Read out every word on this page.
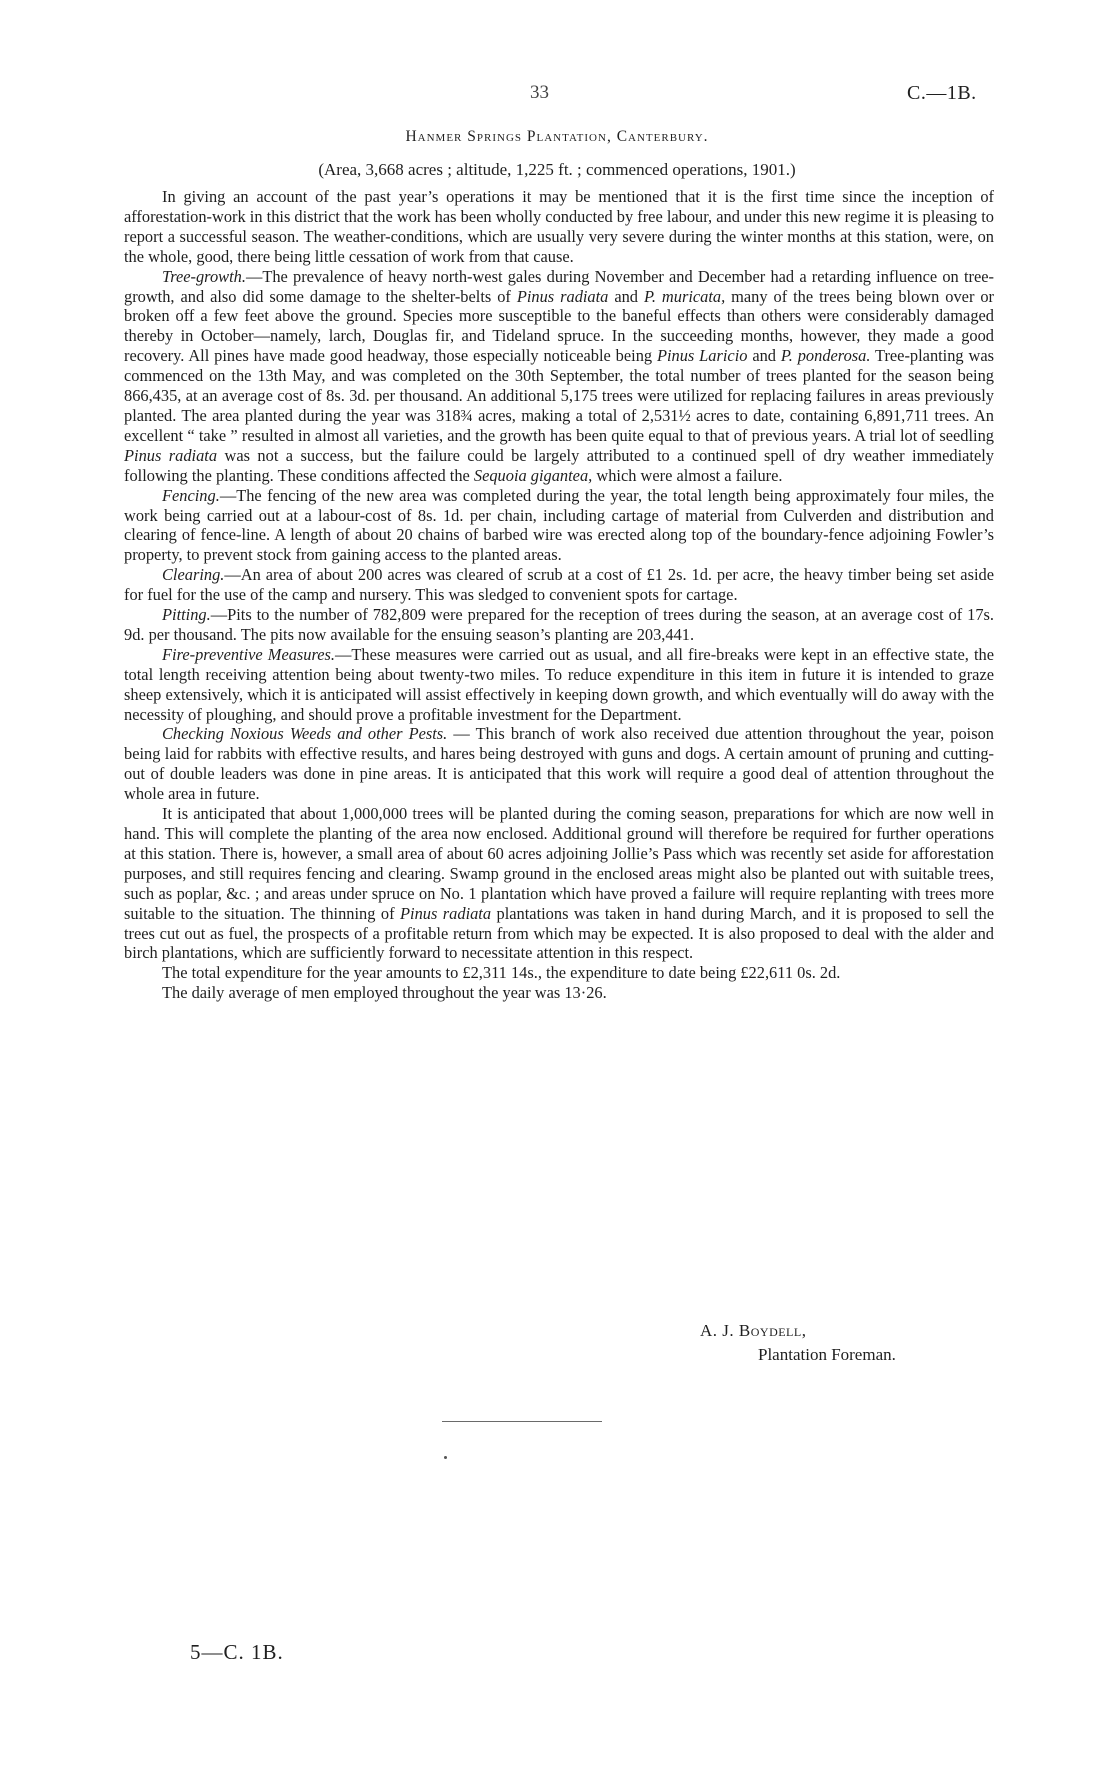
33	C.—1B.
Hanmer Springs Plantation, Canterbury.
(Area, 3,668 acres ; altitude, 1,225 ft. ; commenced operations, 1901.)

In giving an account of the past year’s operations it may be mentioned that it is the first time since the inception of afforestation-work in this district that the work has been wholly conducted by free labour, and under this new regime it is pleasing to report a successful season. The weather-conditions, which are usually very severe during the winter months at this station, were, on the whole, good, there being little cessation of work from that cause.

Tree-growth.—The prevalence of heavy north-west gales during November and December had a retarding influence on tree-growth, and also did some damage to the shelter-belts of Pinus radiata and P. muricata, many of the trees being blown over or broken off a few feet above the ground. Species more susceptible to the baneful effects than others were considerably damaged thereby in October—namely, larch, Douglas fir, and Tideland spruce. In the succeeding months, however, they made a good recovery. All pines have made good headway, those especially noticeable being Pinus Laricio and P. ponderosa. Tree-planting was commenced on the 13th May, and was completed on the 30th September, the total number of trees planted for the season being 866,435, at an average cost of 8s. 3d. per thousand. An additional 5,175 trees were utilized for replacing failures in areas previously planted. The area planted during the year was 318¾ acres, making a total of 2,531½ acres to date, containing 6,891,711 trees. An excellent “ take ” resulted in almost all varieties, and the growth has been quite equal to that of previous years. A trial lot of seedling Pinus radiata was not a success, but the failure could be largely attributed to a continued spell of dry weather immediately following the planting. These conditions affected the Sequoia gigantea, which were almost a failure.

Fencing.—The fencing of the new area was completed during the year, the total length being approximately four miles, the work being carried out at a labour-cost of 8s. 1d. per chain, including cartage of material from Culverden and distribution and clearing of fence-line. A length of about 20 chains of barbed wire was erected along top of the boundary-fence adjoining Fowler’s property, to prevent stock from gaining access to the planted areas.

Clearing.—An area of about 200 acres was cleared of scrub at a cost of £1 2s. 1d. per acre, the heavy timber being set aside for fuel for the use of the camp and nursery. This was sledged to convenient spots for cartage.

Pitting.—Pits to the number of 782,809 were prepared for the reception of trees during the season, at an average cost of 17s. 9d. per thousand. The pits now available for the ensuing season’s planting are 203,441.

Fire-preventive Measures.—These measures were carried out as usual, and all fire-breaks were kept in an effective state, the total length receiving attention being about twenty-two miles. To reduce expenditure in this item in future it is intended to graze sheep extensively, which it is anticipated will assist effectively in keeping down growth, and which eventually will do away with the necessity of ploughing, and should prove a profitable investment for the Department.

Checking Noxious Weeds and other Pests. — This branch of work also received due attention throughout the year, poison being laid for rabbits with effective results, and hares being destroyed with guns and dogs. A certain amount of pruning and cutting-out of double leaders was done in pine areas. It is anticipated that this work will require a good deal of attention throughout the whole area in future.

It is anticipated that about 1,000,000 trees will be planted during the coming season, preparations for which are now well in hand. This will complete the planting of the area now enclosed. Additional ground will therefore be required for further operations at this station. There is, however, a small area of about 60 acres adjoining Jollie’s Pass which was recently set aside for afforestation purposes, and still requires fencing and clearing. Swamp ground in the enclosed areas might also be planted out with suitable trees, such as poplar, &c. ; and areas under spruce on No. 1 plantation which have proved a failure will require replanting with trees more suitable to the situation. The thinning of Pinus radiata plantations was taken in hand during March, and it is proposed to sell the trees cut out as fuel, the prospects of a profitable return from which may be expected. It is also proposed to deal with the alder and birch plantations, which are sufficiently forward to necessitate attention in this respect.

The total expenditure for the year amounts to £2,311 14s., the expenditure to date being £22,611 0s. 2d.

The daily average of men employed throughout the year was 13·26.

A. J. Boydell,
Plantation Foreman.
5—C. 1B.
